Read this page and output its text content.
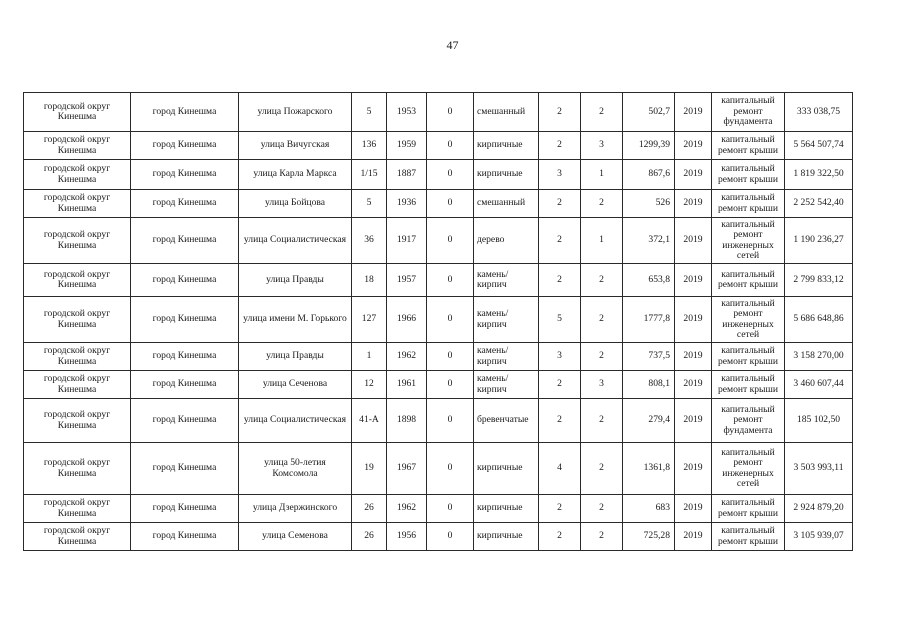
47
городской округ Кинешма	город Кинешма	улица Пожарского	5	1953	0	смешанный	2	2	502,7	2019	капитальный ремонт фундамента	333 038,75
городской округ Кинешма	город Кинешма	улица Вичугская	136	1959	0	кирпичные	2	3	1299,39	2019	капитальный ремонт крыши	5 564 507,74
городской округ Кинешма	город Кинешма	улица Карла Маркса	1/15	1887	0	кирпичные	3	1	867,6	2019	капитальный ремонт крыши	1 819 322,50
городской округ Кинешма	город Кинешма	улица Бойцова	5	1936	0	смешанный	2	2	526	2019	капитальный ремонт крыши	2 252 542,40
городской округ Кинешма	город Кинешма	улица Социалистическая	36	1917	0	дерево	2	1	372,1	2019	капитальный ремонт инженерных сетей	1 190 236,27
городской округ Кинешма	город Кинешма	улица Правды	18	1957	0	камень/кирпич	2	2	653,8	2019	капитальный ремонт крыши	2 799 833,12
городской округ Кинешма	город Кинешма	улица имени М. Горького	127	1966	0	камень/кирпич	5	2	1777,8	2019	капитальный ремонт инженерных сетей	5 686 648,86
городской округ Кинешма	город Кинешма	улица Правды	1	1962	0	камень/кирпич	3	2	737,5	2019	капитальный ремонт крыши	3 158 270,00
городской округ Кинешма	город Кинешма	улица Сеченова	12	1961	0	камень/кирпич	2	3	808,1	2019	капитальный ремонт крыши	3 460 607,44
городской округ Кинешма	город Кинешма	улица Социалистическая	41-А	1898	0	бревенчатые	2	2	279,4	2019	капитальный ремонт фундамента	185 102,50
городской округ Кинешма	город Кинешма	улица 50-летия Комсомола	19	1967	0	кирпичные	4	2	1361,8	2019	капитальный ремонт инженерных сетей	3 503 993,11
городской округ Кинешма	город Кинешма	улица Дзержинского	26	1962	0	кирпичные	2	2	683	2019	капитальный ремонт крыши	2 924 879,20
городской округ Кинешма	город Кинешма	улица Семенова	26	1956	0	кирпичные	2	2	725,28	2019	капитальный ремонт крыши	3 105 939,07
